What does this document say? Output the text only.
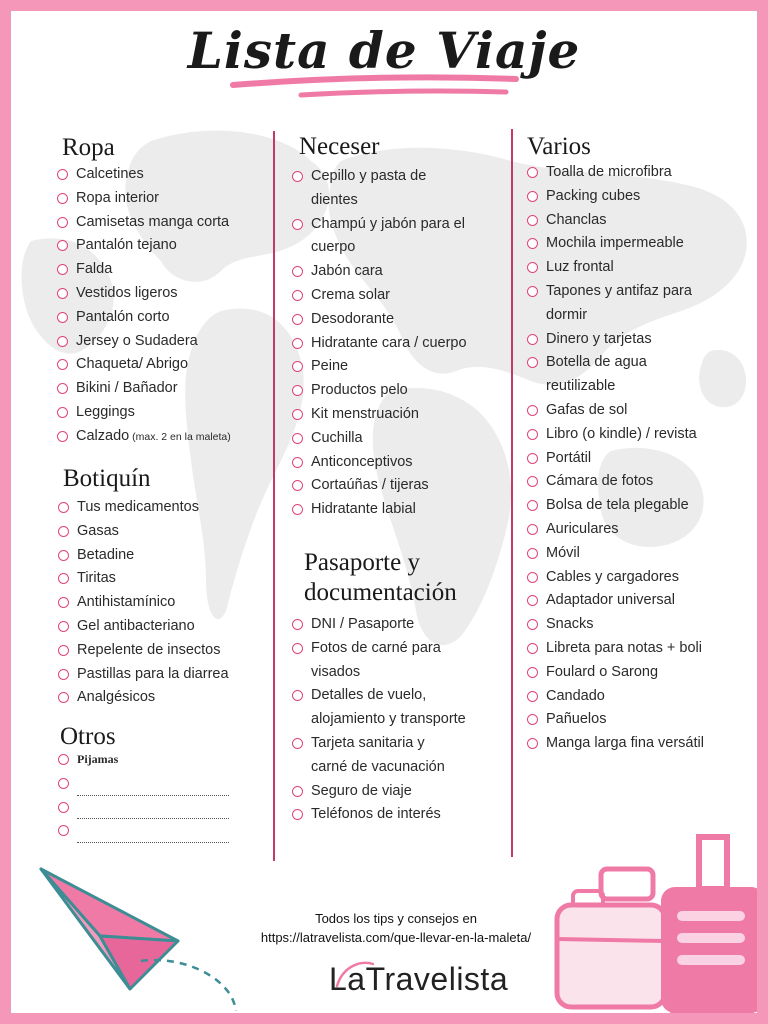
Lista de Viaje
Ropa
Calcetines
Ropa interior
Camisetas manga corta
Pantalón tejano
Falda
Vestidos ligeros
Pantalón corto
Jersey o Sudadera
Chaqueta/ Abrigo
Bikini / Bañador
Leggings
Calzado (max. 2 en la maleta)
Botiquín
Tus medicamentos
Gasas
Betadine
Tiritas
Antihistamínico
Gel antibacteriano
Repelente de insectos
Pastillas para la diarrea
Analgésicos
Otros
Pijamas
Neceser
Cepillo y pasta de
dientes
Champú y jabón para el
cuerpo
Jabón cara
Crema solar
Desodorante
Hidratante cara / cuerpo
Peine
Productos pelo
Kit menstruación
Cuchilla
Anticonceptivos
Cortaúñas / tijeras
Hidratante labial
Pasaporte y
documentación
DNI / Pasaporte
Fotos de carné para
visados
Detalles de vuelo,
alojamiento y transporte
Tarjeta sanitaria y
carné de vacunación
Seguro de viaje
Teléfonos de interés
Varios
Toalla de microfibra
Packing cubes
Chanclas
Mochila impermeable
Luz frontal
Tapones y antifaz para
dormir
Dinero y tarjetas
Botella de agua
reutilizable
Gafas de sol
Libro (o kindle) / revista
Portátil
Cámara de fotos
Bolsa de tela plegable
Auriculares
Móvil
Cables y cargadores
Adaptador universal
Snacks
Libreta para notas + boli
Foulard o Sarong
Candado
Pañuelos
Manga larga fina versátil
Todos los tips y consejos en
https://latravelista.com/que-llevar-en-la-maleta/
LaTravelista
